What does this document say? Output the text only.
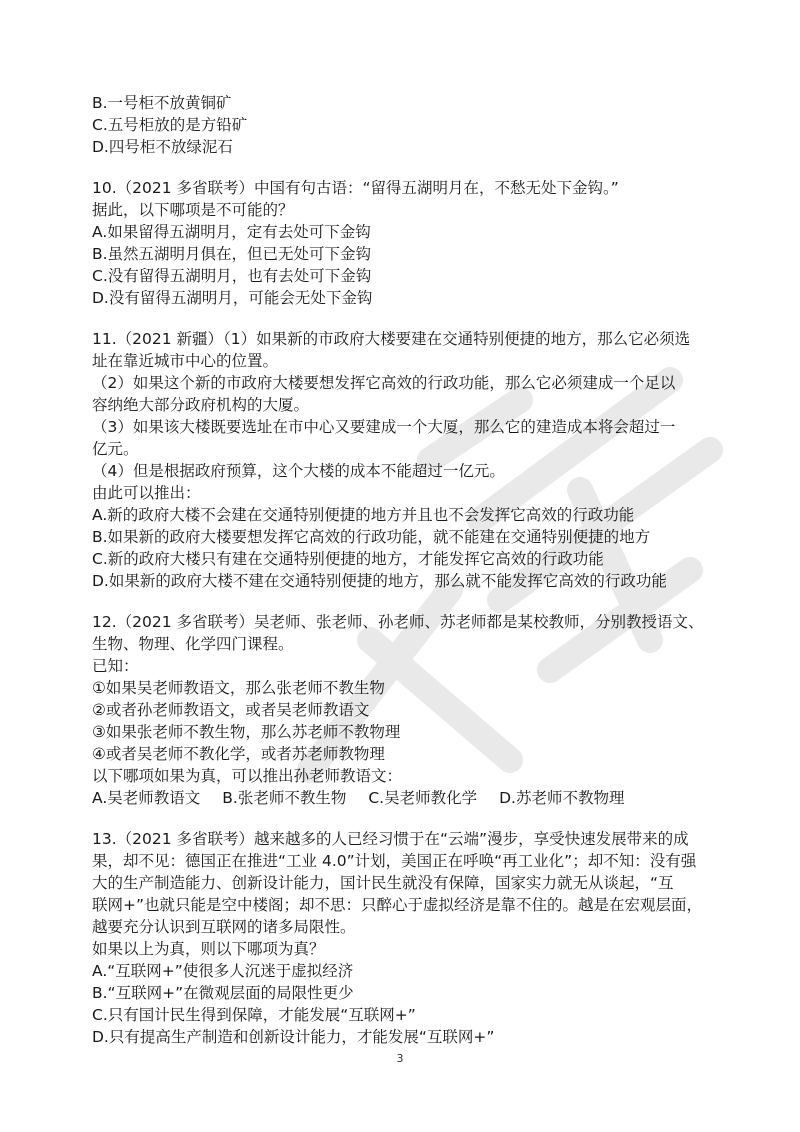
B.一号柜不放黄铜矿
C.五号柜放的是方铅矿
D.四号柜不放绿泥石
10.（2021 多省联考）中国有句古语：“留得五湖明月在，不愁无处下金钩。”
据此，以下哪项是不可能的？
A.如果留得五湖明月，定有去处可下金钩
B.虽然五湖明月俱在，但已无处可下金钩
C.没有留得五湖明月，也有去处可下金钩
D.没有留得五湖明月，可能会无处下金钩
11.（2021 新疆）（1）如果新的市政府大楼要建在交通特别便捷的地方，那么它必须选
址在靠近城市中心的位置。
（2）如果这个新的市政府大楼要想发挥它高效的行政功能，那么它必须建成一个足以
容纳绝大部分政府机构的大厦。
（3）如果该大楼既要选址在市中心又要建成一个大厦，那么它的建造成本将会超过一
亿元。
（4）但是根据政府预算，这个大楼的成本不能超过一亿元。
由此可以推出：
A.新的政府大楼不会建在交通特别便捷的地方并且也不会发挥它高效的行政功能
B.如果新的政府大楼要想发挥它高效的行政功能，就不能建在交通特别便捷的地方
C.新的政府大楼只有建在交通特别便捷的地方，才能发挥它高效的行政功能
D.如果新的政府大楼不建在交通特别便捷的地方，那么就不能发挥它高效的行政功能
12.（2021 多省联考）吴老师、张老师、孙老师、苏老师都是某校教师，分别教授语文、
生物、物理、化学四门课程。
已知：
①如果吴老师教语文，那么张老师不教生物
②或者孙老师教语文，或者吴老师教语文
③如果张老师不教生物，那么苏老师不教物理
④或者吴老师不教化学，或者苏老师教物理
以下哪项如果为真，可以推出孙老师教语文：
A.吴老师教语文 B.张老师不教生物 C.吴老师教化学 D.苏老师不教物理
13.（2021 多省联考）越来越多的人已经习惯于在“云端”漫步，享受快速发展带来的成
果，却不见：德国正在推进“工业 4.0”计划，美国正在呼唤“再工业化”；却不知：没有强
大的生产制造能力、创新设计能力，国计民生就没有保障，国家实力就无从谈起，“互
联网+”也就只能是空中楼阁；却不思：只醉心于虚拟经济是靠不住的。越是在宏观层面，
越要充分认识到互联网的诸多局限性。
如果以上为真，则以下哪项为真？
A.“互联网+”使很多人沉迷于虚拟经济
B.“互联网+”在微观层面的局限性更少
C.只有国计民生得到保障，才能发展“互联网+”
D.只有提高生产制造和创新设计能力，才能发展“互联网+”
3
